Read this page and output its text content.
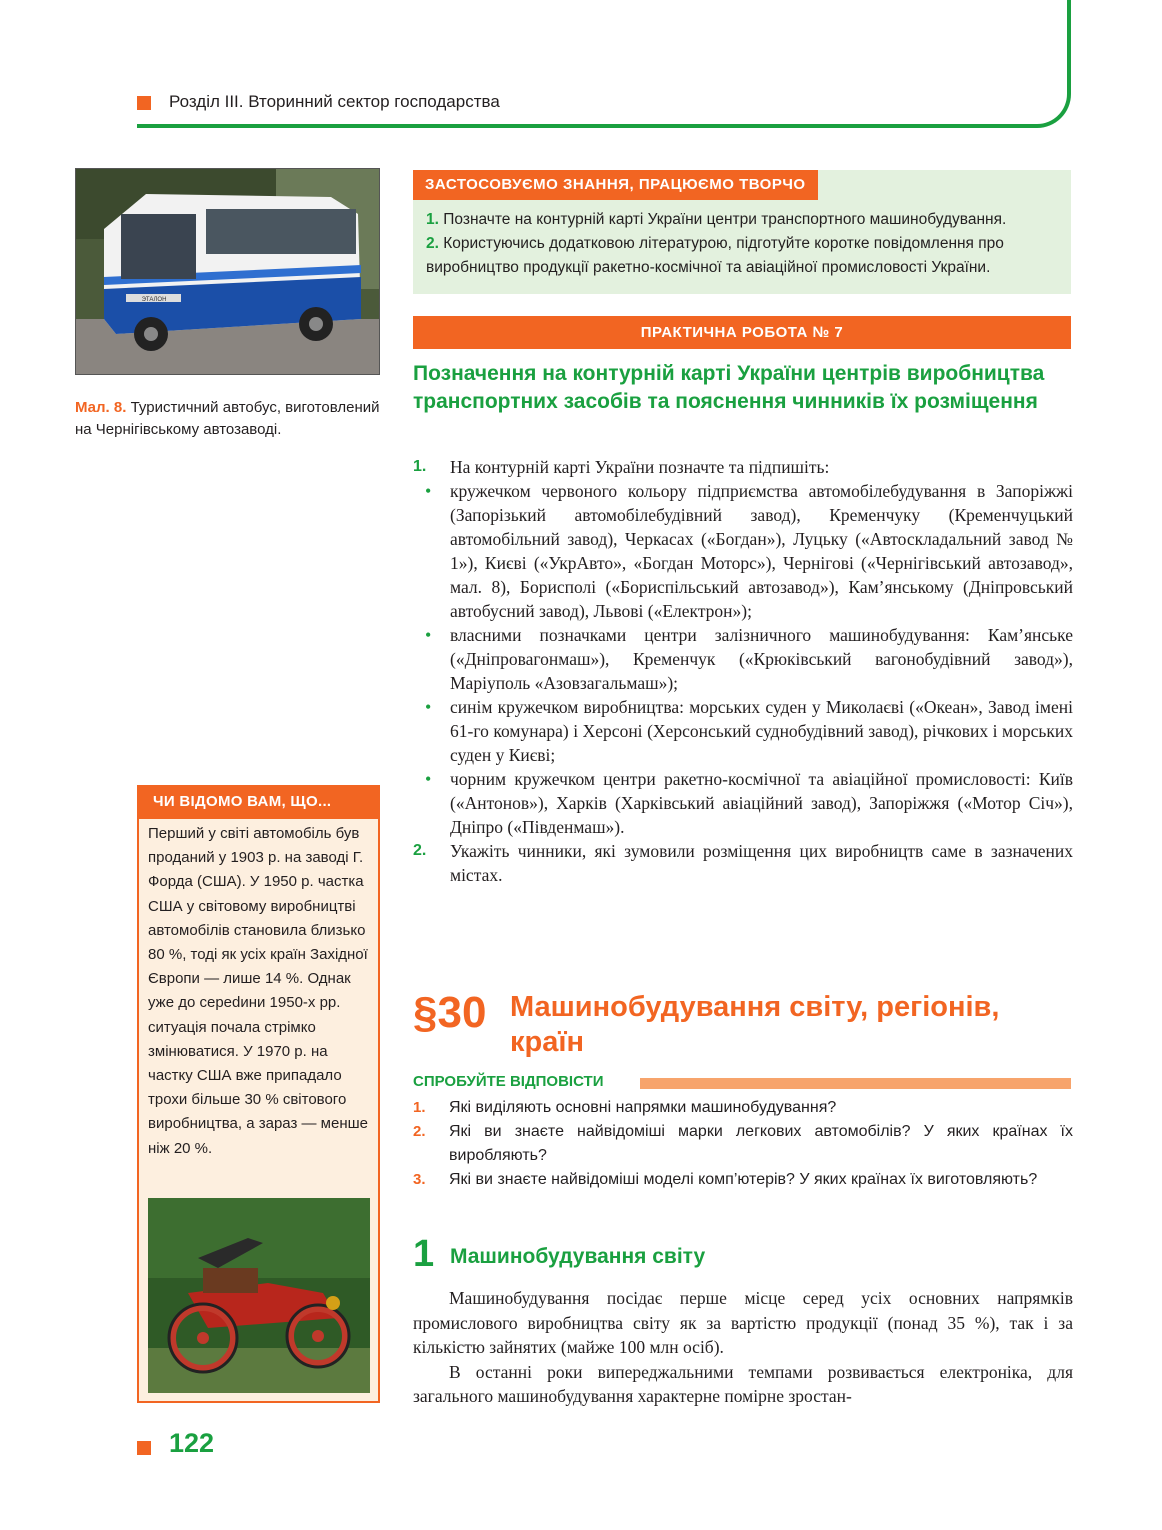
Розділ III. Вторинний сектор господарства
ЭТАЛОН
Мал. 8. Туристичний автобус, виготовлений на Чернігівському автозаводі.
ЗАСТОСОВУЄМО ЗНАННЯ, ПРАЦЮЄМО ТВОРЧО
1. Позначте на контурній карті України центри транспортного машинобудування.
2. Користуючись додатковою літературою, підготуйте коротке повідомлення про виробництво продукції ракетно-космічної та авіаційної промисловості України.
ПРАКТИЧНА РОБОТА № 7
Позначення на контурній карті України центрів виробництва транспортних засобів та пояснення чинників їх розміщення
1. На контурній карті України позначте та підпишіть:
• кружечком червоного кольору підприємства автомобілебудування в Запоріжжі (Запорізький автомобілебудівний завод), Кременчуку (Кременчуцький автомобільний завод), Черкасах («Богдан»), Луцьку («Автоскладальний завод № 1»), Києві («УкрАвто», «Богдан Моторс»), Чернігові («Чернігівський автозавод», мал. 8), Борисполі («Бориспільський автозавод»), Кам’янському (Дніпровський автобусний завод), Львові («Електрон»);
• власними позначками центри залізничного машинобудування: Кам’янське («Дніпровагонмаш»), Кременчук («Крюківський вагонобудівний завод»), Маріуполь «Азовзагальмаш»);
• синім кружечком виробництва: морських суден у Миколаєві («Океан», Завод імені 61-го комунара) і Херсоні (Херсонський суднобудівний завод), річкових і морських суден у Києві;
• чорним кружечком центри ракетно-космічної та авіаційної промисловості: Київ («Антонов»), Харків (Харківський авіаційний завод), Запоріжжя («Мотор Січ»), Дніпро («Південмаш»).
2. Укажіть чинники, які зумовили розміщення цих виробництв саме в зазначених містах.
ЧИ ВІДОМО ВАМ, ЩО...
Перший у світі автомобіль був проданий у 1903 р. на заводі Г. Форда (США). У 1950 р. частка США у світовому виробництві автомобілів становила близько 80 %, тоді як усіх країн Західної Європи — лише 14 %. Однак уже до сереdини 1950-х рр. ситуація почала стрімко змінюватися. У 1970 р. на частку США вже припадало трохи більше 30 % світового виробництва, а зараз — менше ніж 20 %.
§30 Машинобудування світу, регіонів, країн
СПРОБУЙТЕ ВІДПОВІСТИ
1. Які виділяють основні напрямки машинобудування?
2. Які ви знаєте найвідоміші марки легкових автомобілів? У яких країнах їх виробляють?
3. Які ви знаєте найвідоміші моделі комп’ютерів? У яких країнах їх виготовляють?
1 Машинобудування світу

Машинобудування посідає перше місце серед усіх основних напрямків промислового виробництва світу як за вартістю продукції (понад 35 %), так і за кількістю зайнятих (майже 100 млн осіб).

В останні роки випереджальними темпами розвивається електроніка, для загального машинобудування характерне помірне зростан-

122
